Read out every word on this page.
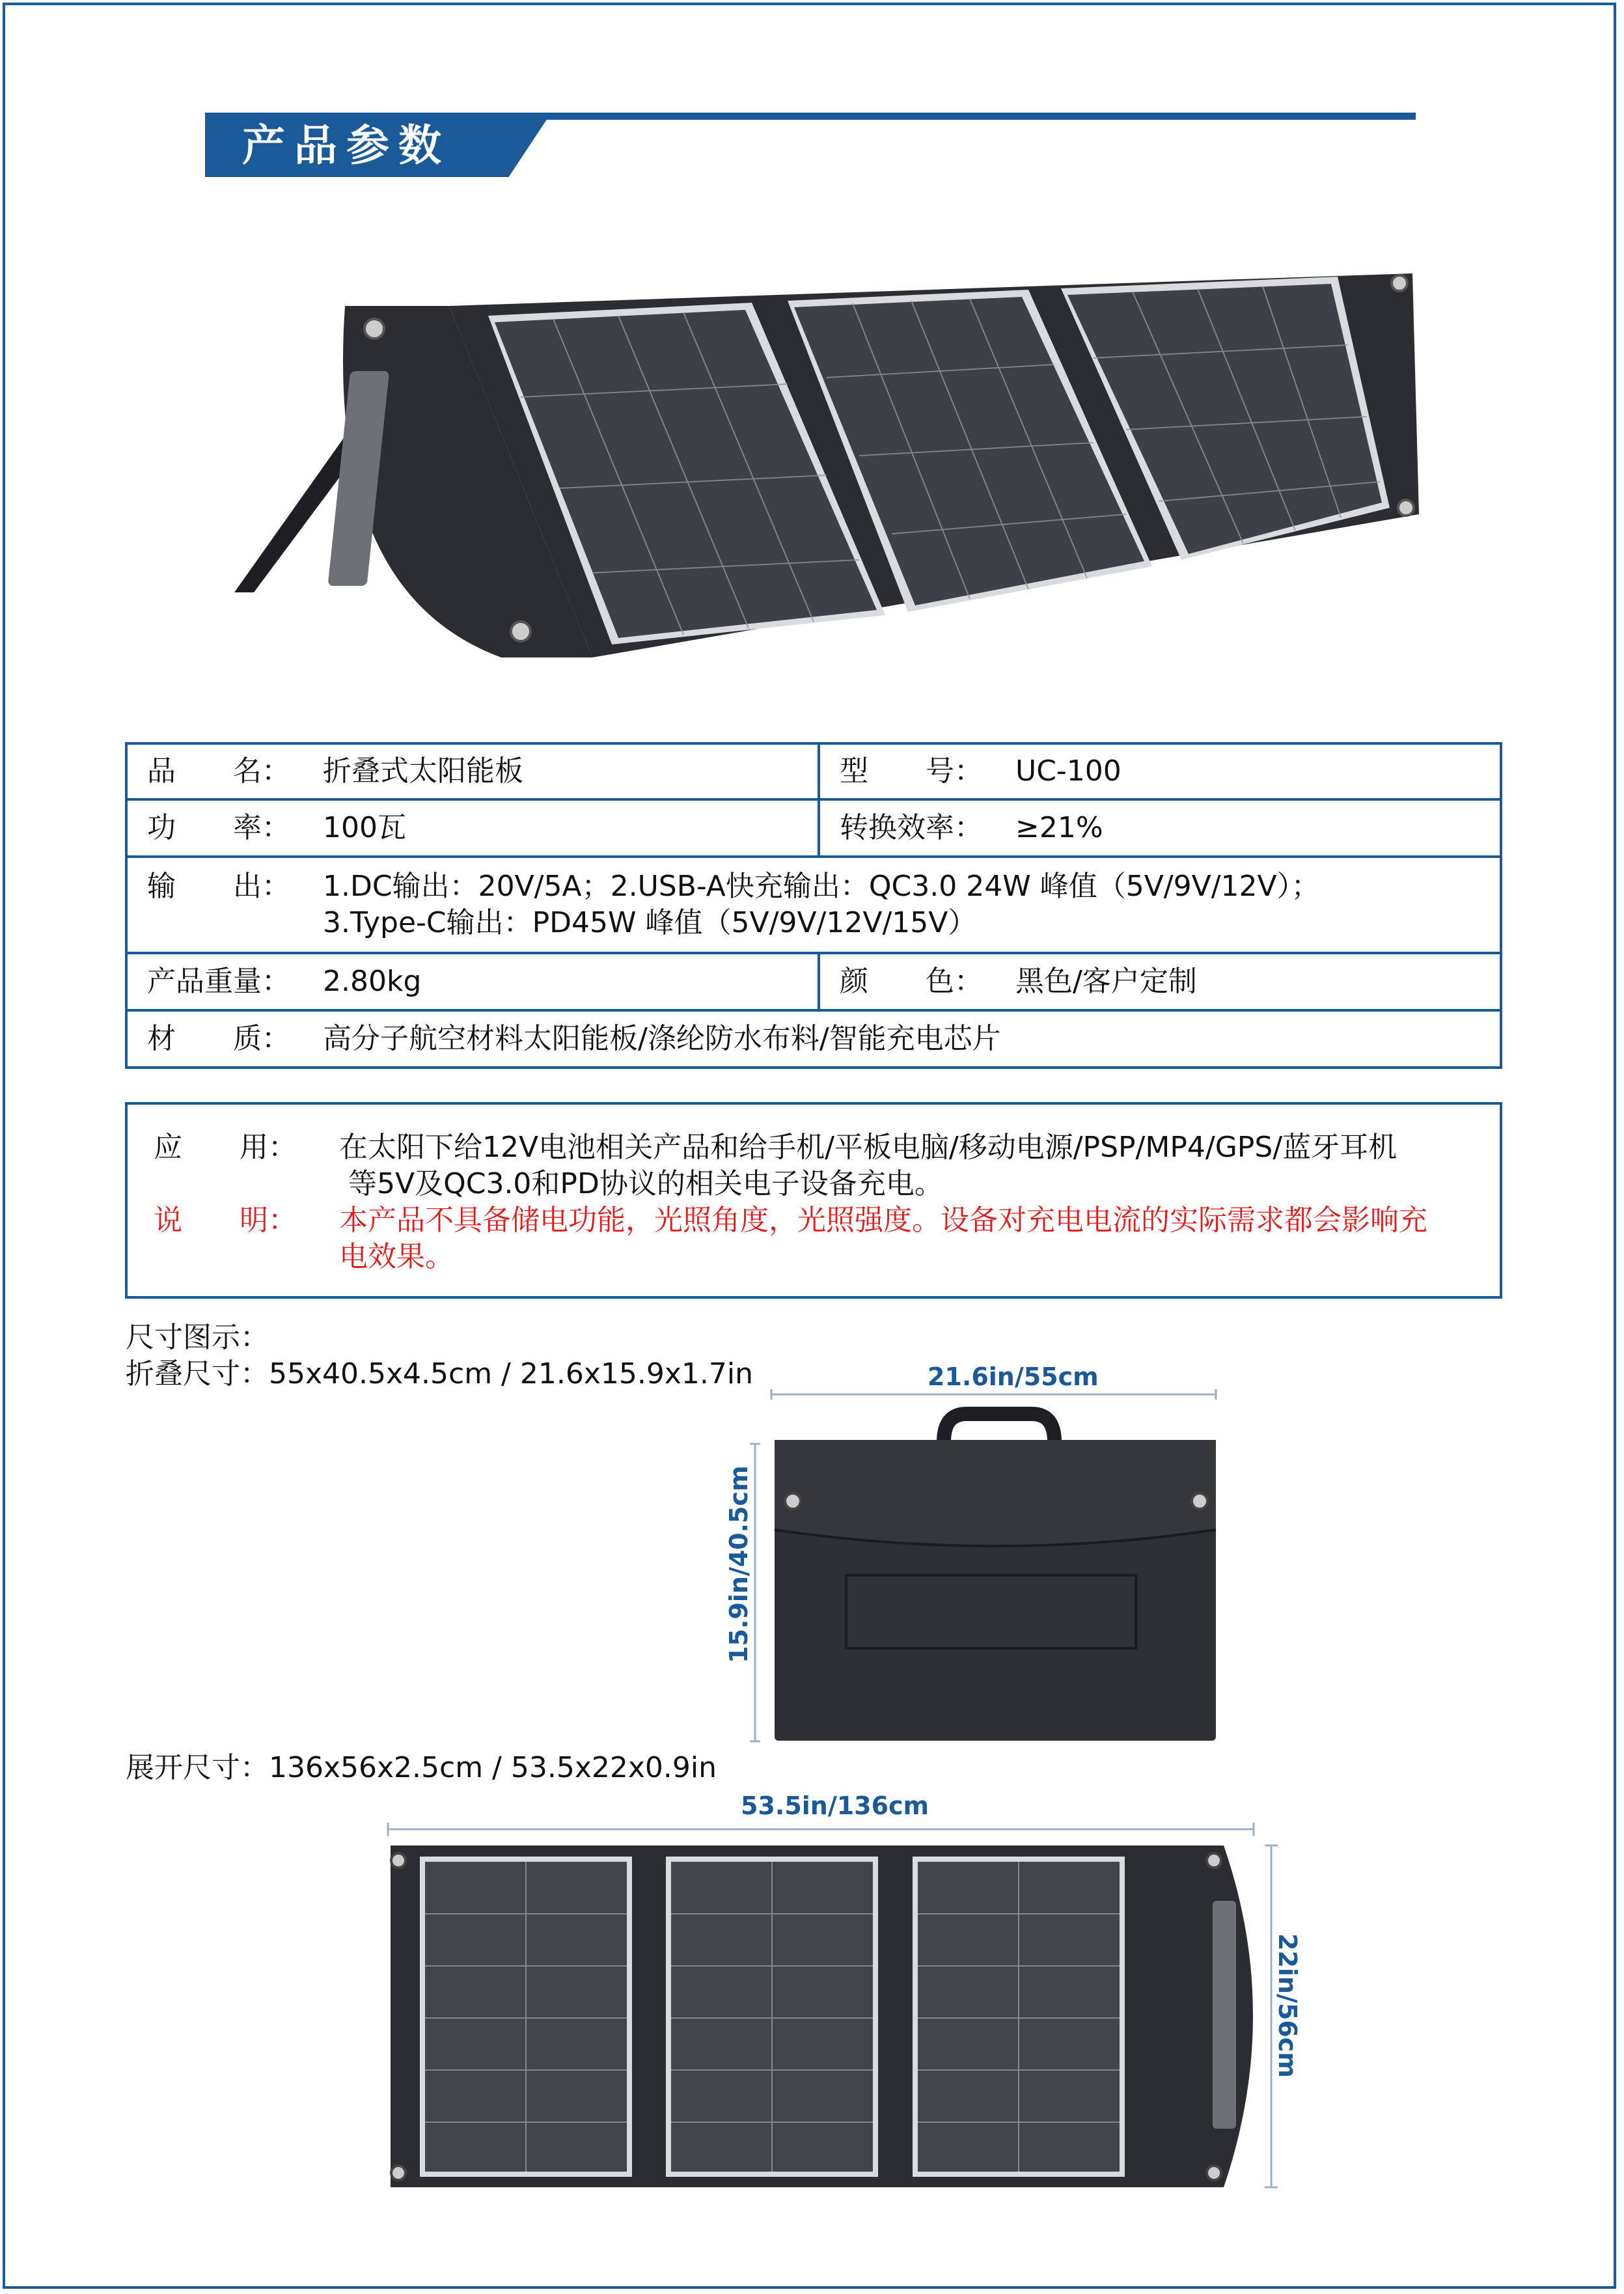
产品参数
品　　名： 折叠式太阳能板	型　　号： UC-100

功　　率： 100瓦	转换效率： ≥21%

输　　出： 1.DC输出：20V/5A；2.USB-A快充输出：QC3.0 24W 峰值（5V/9V/12V）；
3.Type-C输出：PD45W 峰值（5V/9V/12V/15V）	

产品重量： 2.80kg	颜　　色： 黑色/客户定制

材　　质： 高分子航空材料太阳能板/涤纶防水布料/智能充电芯片	
应　　用：	在太阳下给12V电池相关产品和给手机/平板电脑/移动电源/PSP/MP4/GPS/蓝牙耳机
等5V及QC3.0和PD协议的相关电子设备充电。
说　　明：	本产品不具备储电功能，光照角度，光照强度。设备对充电电流的实际需求都会影响充
电效果。
尺寸图示：
折叠尺寸：55x40.5x4.5cm / 21.6x15.9x1.7in	21.6in/55cm
15.9in/40.5cm
展开尺寸：136x56x2.5cm / 53.5x22x0.9in
53.5in/136cm
22in/56cm
